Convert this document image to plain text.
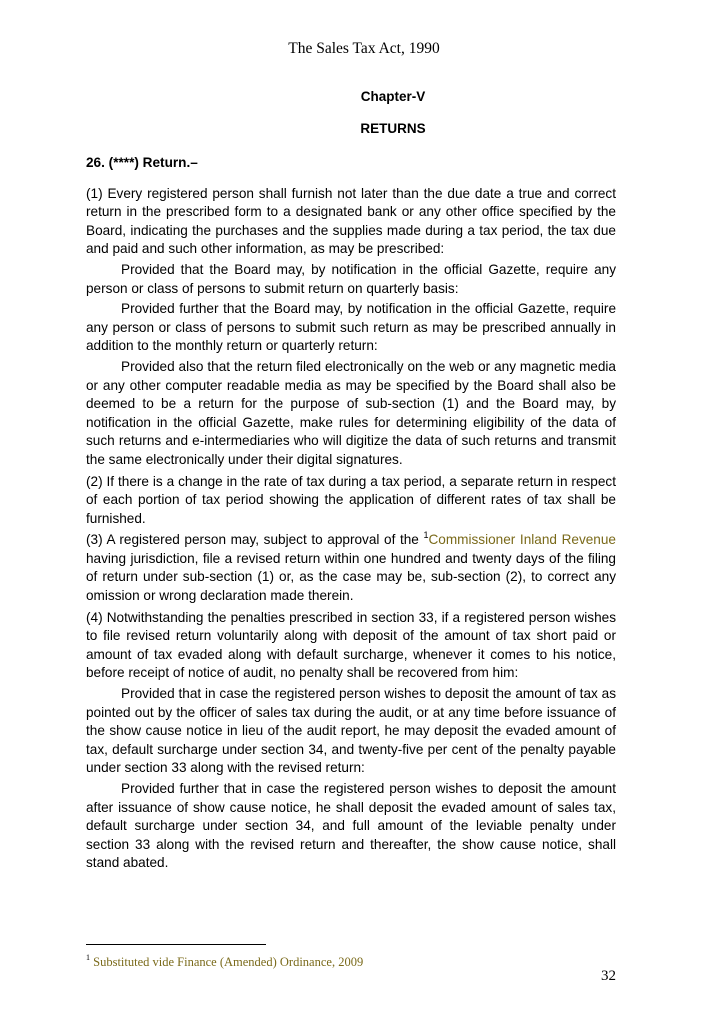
The Sales Tax Act, 1990
Chapter-V
RETURNS

26. (****) Return.–

(1) Every registered person shall furnish not later than the due date a true and correct return in the prescribed form to a designated bank or any other office specified by the Board, indicating the purchases and the supplies made during a tax period, the tax due and paid and such other information, as may be prescribed:

Provided that the Board may, by notification in the official Gazette, require any person or class of persons to submit return on quarterly basis:

Provided further that the Board may, by notification in the official Gazette, require any person or class of persons to submit such return as may be prescribed annually in addition to the monthly return or quarterly return:

Provided also that the return filed electronically on the web or any magnetic media or any other computer readable media as may be specified by the Board shall also be deemed to be a return for the purpose of sub-section (1) and the Board may, by notification in the official Gazette, make rules for determining eligibility of the data of such returns and e-intermediaries who will digitize the data of such returns and transmit the same electronically under their digital signatures.

(2) If there is a change in the rate of tax during a tax period, a separate return in respect of each portion of tax period showing the application of different rates of tax shall be furnished.

(3) A registered person may, subject to approval of the $^1$Commissioner Inland Revenue having jurisdiction, file a revised return within one hundred and twenty days of the filing of return under sub-section (1) or, as the case may be, sub-section (2), to correct any omission or wrong declaration made therein.

(4) Notwithstanding the penalties prescribed in section 33, if a registered person wishes to file revised return voluntarily along with deposit of the amount of tax short paid or amount of tax evaded along with default surcharge, whenever it comes to his notice, before receipt of notice of audit, no penalty shall be recovered from him:

Provided that in case the registered person wishes to deposit the amount of tax as pointed out by the officer of sales tax during the audit, or at any time before issuance of the show cause notice in lieu of the audit report, he may deposit the evaded amount of tax, default surcharge under section 34, and twenty-five per cent of the penalty payable under section 33 along with the revised return:

Provided further that in case the registered person wishes to deposit the amount after issuance of show cause notice, he shall deposit the evaded amount of sales tax, default surcharge under section 34, and full amount of the leviable penalty under section 33 along with the revised return and thereafter, the show cause notice, shall stand abated.

$^1$ Substituted vide Finance (Amended) Ordinance, 2009
32
